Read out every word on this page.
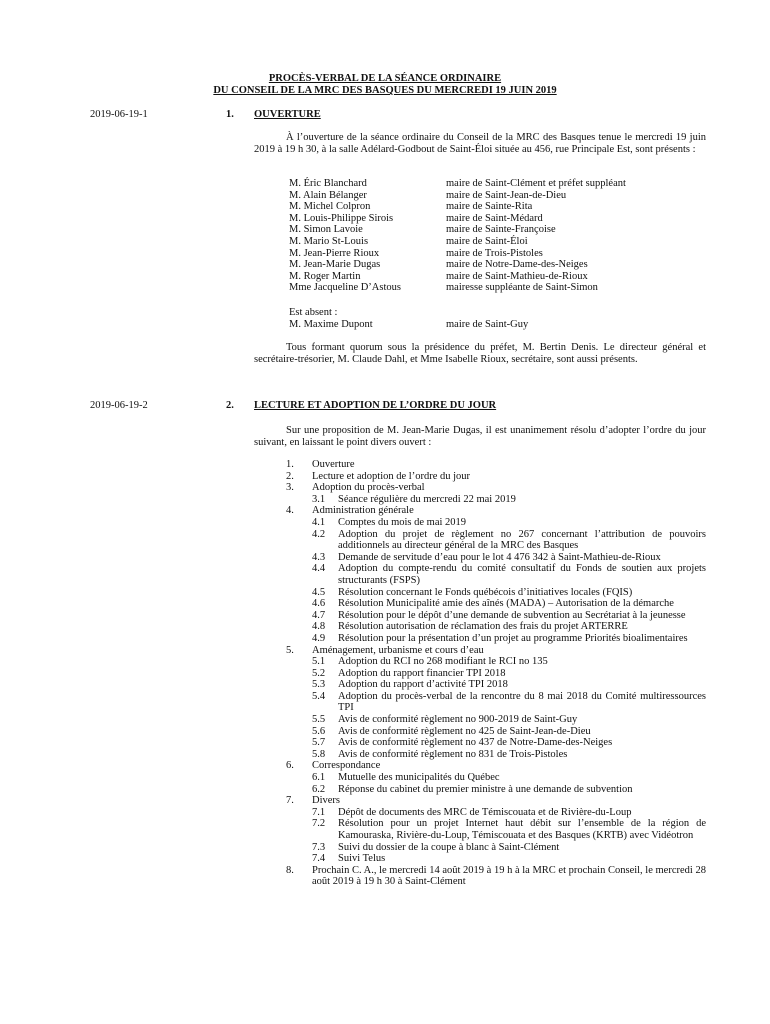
PROCÈS-VERBAL DE LA SÉANCE ORDINAIRE
DU CONSEIL DE LA MRC DES BASQUES DU MERCREDI 19 JUIN 2019
2019-06-19-1	1. OUVERTURE
À l’ouverture de la séance ordinaire du Conseil de la MRC des Basques tenue le mercredi 19 juin 2019 à 19 h 30, à la salle Adélard-Godbout de Saint-Éloi située au 456, rue Principale Est, sont présents :
M. Éric Blanchard	maire de Saint-Clément et préfet suppléant
M. Alain Bélanger	maire de Saint-Jean-de-Dieu
M. Michel Colpron	maire de Sainte-Rita
M. Louis-Philippe Sirois	maire de Saint-Médard
M. Simon Lavoie	maire de Sainte-Françoise
M. Mario St-Louis	maire de Saint-Éloi
M. Jean-Pierre Rioux	maire de Trois-Pistoles
M. Jean-Marie Dugas	maire de Notre-Dame-des-Neiges
M. Roger Martin	maire de Saint-Mathieu-de-Rioux
Mme Jacqueline D’Astous	mairesse suppléante de Saint-Simon
Est absent :
M. Maxime Dupont	maire de Saint-Guy
Tous formant quorum sous la présidence du préfet, M. Bertin Denis. Le directeur général et secrétaire-trésorier, M. Claude Dahl, et Mme Isabelle Rioux, secrétaire, sont aussi présents.
2019-06-19-2	2. LECTURE ET ADOPTION DE L’ORDRE DU JOUR
Sur une proposition de M. Jean-Marie Dugas, il est unanimement résolu d’adopter l’ordre du jour suivant, en laissant le point divers ouvert :
1.	Ouverture
2.	Lecture et adoption de l’ordre du jour
3.	Adoption du procès-verbal
3.1	Séance régulière du mercredi 22 mai 2019
4.	Administration générale
4.1	Comptes du mois de mai 2019
4.2	Adoption du projet de règlement no 267 concernant l’attribution de pouvoirs additionnels au directeur général de la MRC des Basques
4.3	Demande de servitude d’eau pour le lot 4 476 342 à Saint-Mathieu-de-Rioux
4.4	Adoption du compte-rendu du comité consultatif du Fonds de soutien aux projets structurants (FSPS)
4.5	Résolution concernant le Fonds québécois d’initiatives locales (FQIS)
4.6	Résolution Municipalité amie des aînés (MADA) – Autorisation de la démarche
4.7	Résolution pour le dépôt d’une demande de subvention au Secrétariat à la jeunesse
4.8	Résolution autorisation de réclamation des frais du projet ARTERRE
4.9	Résolution pour la présentation d’un projet au programme Priorités bioalimentaires
5.	Aménagement, urbanisme et cours d’eau
5.1	Adoption du RCI no 268 modifiant le RCI no 135
5.2	Adoption du rapport financier TPI 2018
5.3	Adoption du rapport d’activité TPI 2018
5.4	Adoption du procès-verbal de la rencontre du 8 mai 2018 du Comité multiressources TPI
5.5	Avis de conformité règlement no 900-2019 de Saint-Guy
5.6	Avis de conformité règlement no 425 de Saint-Jean-de-Dieu
5.7	Avis de conformité règlement no 437 de Notre-Dame-des-Neiges
5.8	Avis de conformité règlement no 831 de Trois-Pistoles
6.	Correspondance
6.1	Mutuelle des municipalités du Québec
6.2	Réponse du cabinet du premier ministre à une demande de subvention
7.	Divers
7.1	Dépôt de documents des MRC de Témiscouata et de Rivière-du-Loup
7.2	Résolution pour un projet Internet haut débit sur l’ensemble de la région de Kamouraska, Rivière-du-Loup, Témiscouata et des Basques (KRTB) avec Vidéotron
7.3	Suivi du dossier de la coupe à blanc à Saint-Clément
7.4	Suivi Telus
8.	Prochain C. A., le mercredi 14 août 2019 à 19 h à la MRC et prochain Conseil, le mercredi 28 août 2019 à 19 h 30 à Saint-Clément
